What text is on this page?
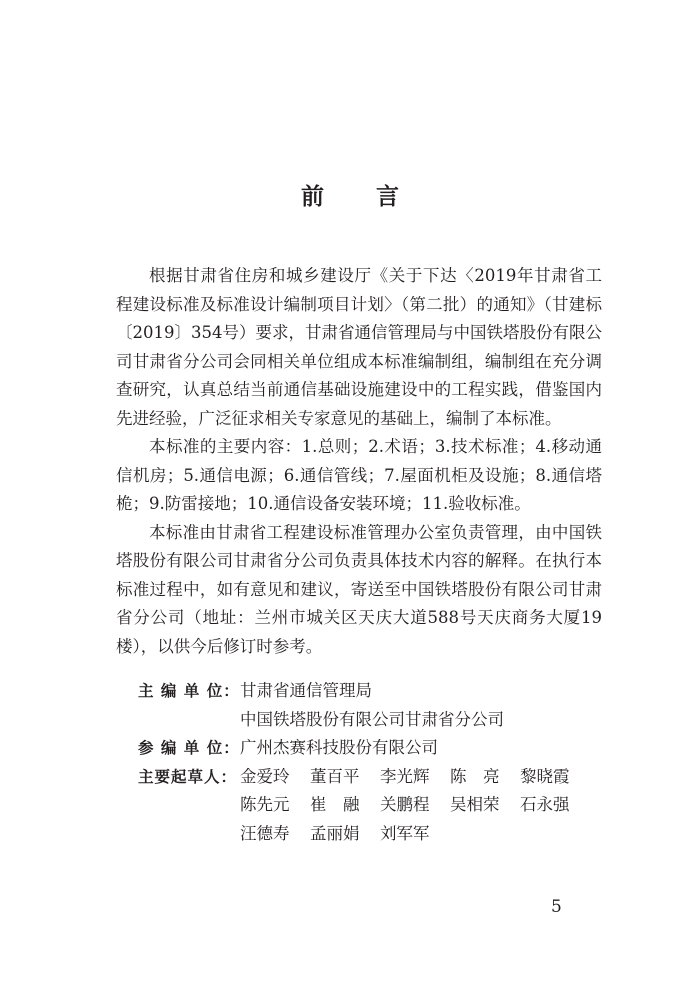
前 言

根据甘肃省住房和城乡建设厅《关于下达〈2019年甘肃省工程建设标准及标准设计编制项目计划〉（第二批）的通知》（甘建标〔2019〕354号）要求，甘肃省通信管理局与中国铁塔股份有限公司甘肃省分公司会同相关单位组成本标准编制组，编制组在充分调查研究，认真总结当前通信基础设施建设中的工程实践，借鉴国内先进经验，广泛征求相关专家意见的基础上，编制了本标准。

本标准的主要内容：1.总则；2.术语；3.技术标准；4.移动通信机房；5.通信电源；6.通信管线；7.屋面机柜及设施；8.通信塔桅；9.防雷接地；10.通信设备安装环境；11.验收标准。

本标准由甘肃省工程建设标准管理办公室负责管理，由中国铁塔股份有限公司甘肃省分公司负责具体技术内容的解释。在执行本标准过程中，如有意见和建议，寄送至中国铁塔股份有限公司甘肃省分公司（地址：兰州市城关区天庆大道588号天庆商务大厦19楼），以供今后修订时参考。

主 编 单 位： 甘肃省通信管理局
中国铁塔股份有限公司甘肃省分公司
参 编 单 位： 广州杰赛科技股份有限公司
主要起草人： 金爱玲	董百平	李光辉	陈　亮	黎晓霞
陈先元	崔　融	关鹏程	吴相荣	石永强
汪德寿	孟丽娟	刘军军
5
